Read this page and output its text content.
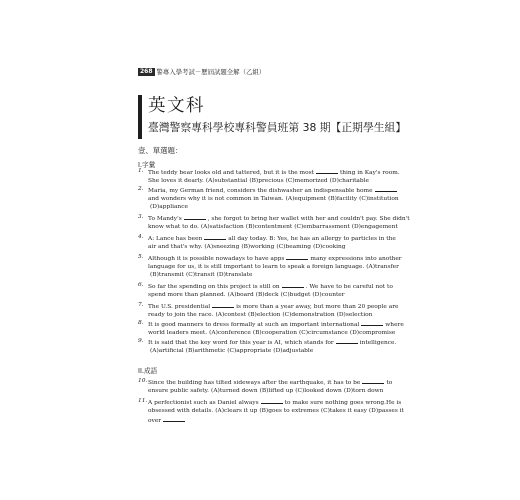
268 警專入學考試－歷屆試題全解（乙組）
英文科
臺灣警察專科學校專科警員班第 38 期【正期學生組】
壹、單選題：
I.字彙
II.成語
1. The teddy bear looks old and tattered, but it is the most	thing in Kay's room.
She loves it dearly. (A)substantial (B)precious (C)memorized (D)charitable
2. Maria, my German friend, considers the dishwasher an indispensable home
and wonders why it is not common in Taiwan. (A)equipment (B)facility (C)institution
(D)appliance
3. To Mandy's	, she forgot to bring her wallet with her and couldn't pay. She didn't
know what to do. (A)satisfaction (B)contentment (C)embarrassment (D)engagement
4. A: Lance has been	all day today. B: Yes, he has an allergy to particles in the
air and that's why. (A)sneezing (B)working (C)beaming (D)cooking
5. Although it is possible nowadays to have apps	many expressions into another
language for us, it is still important to learn to speak a foreign language. (A)transfer
(B)transmit (C)transit (D)translate
6. So far the spending on this project is still on	. We have to be careful not to
spend more than planned. (A)board (B)deck (C)budget (D)counter
7. The U.S. presidential	is more than a year away, but more than 20 people are
ready to join the race. (A)contest (B)election (C)demonstration (D)selection
8. It is good manners to dress formally at such an important international	where
world leaders meet. (A)conference (B)cooperation (C)circumstance (D)compromise
9. It is said that the key word for this year is AI, which stands for	intelligence.
(A)artificial (B)arithmetic (C)appropriate (D)adjustable
10. Since the building has tilted sideways after the earthquake, it has to be	to
ensure public safety. (A)turned down (B)lifted up (C)looked down (D)torn down
11. A perfectionist such as Daniel always	to make sure nothing goes wrong.He is
obsessed with details. (A)clears it up (B)goes to extremes (C)takes it easy (D)passes it
over
